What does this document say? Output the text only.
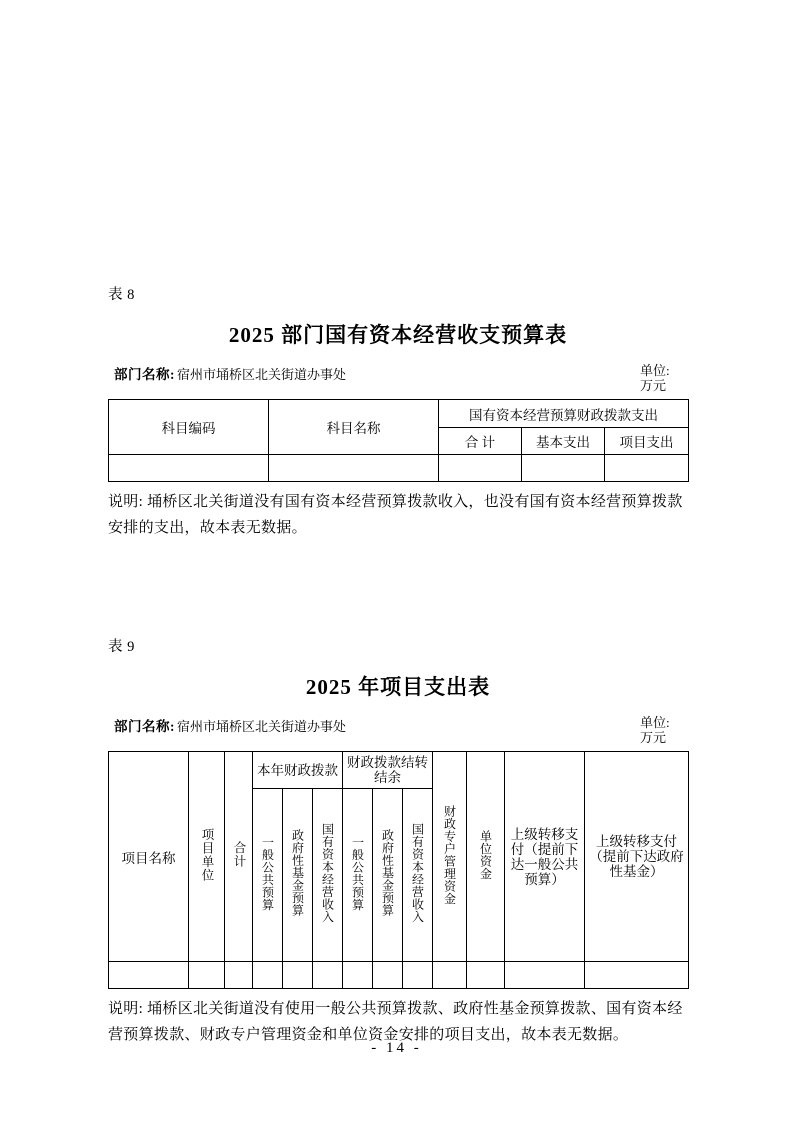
表 8
2025 部门国有资本经营收支预算表
部门名称: 宿州市埇桥区北关街道办事处	单位: 万元
科目编码	科目名称	国有资本经营预算财政拨款支出		
		合 计	基本支出	项目支出

说明: 埇桥区北关街道没有国有资本经营预算拨款收入，也没有国有资本经营预算拨款安排的支出，故本表无数据。
表 9
2025 年项目支出表
部门名称: 宿州市埇桥区北关街道办事处	单位: 万元
项目名称	项目单位	合计	本年财政拨款			财政拨款结转结余			财政专户管理资金	单位资金	上级转移支付（提前下达一般公共预算）	上级转移支付（提前下达政府性基金）
			一般公共预算	政府性基金预算	国有资本经营收入	一般公共预算	政府性基金预算	国有资本经营收入				

说明: 埇桥区北关街道没有使用一般公共预算拨款、政府性基金预算拨款、国有资本经营预算拨款、财政专户管理资金和单位资金安排的项目支出，故本表无数据。
- 14 -
